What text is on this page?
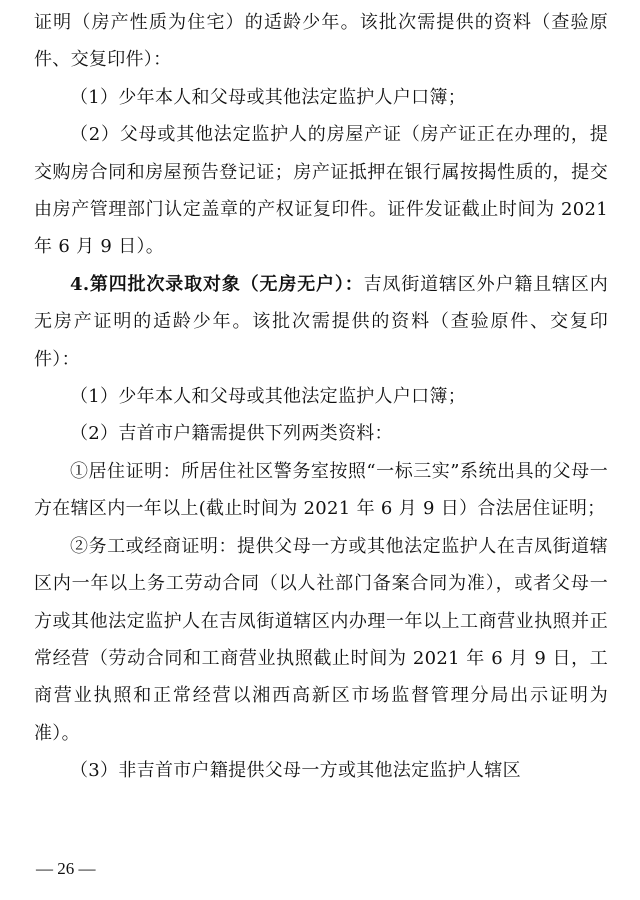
证明（房产性质为住宅）的适龄少年。该批次需提供的资料（查验原件、交复印件）：

（1）少年本人和父母或其他法定监护人户口簿；

（2）父母或其他法定监护人的房屋产证（房产证正在办理的，提交购房合同和房屋预告登记证；房产证抵押在银行属按揭性质的，提交由房产管理部门认定盖章的产权证复印件。证件发证截止时间为 2021 年 6 月 9 日）。

4.第四批次录取对象（无房无户）：吉凤街道辖区外户籍且辖区内无房产证明的适龄少年。该批次需提供的资料（查验原件、交复印件）：

（1）少年本人和父母或其他法定监护人户口簿；

（2）吉首市户籍需提供下列两类资料：

①居住证明：所居住社区警务室按照“一标三实”系统出具的父母一方在辖区内一年以上(截止时间为 2021 年 6 月 9 日）合法居住证明；

②务工或经商证明：提供父母一方或其他法定监护人在吉凤街道辖区内一年以上务工劳动合同（以人社部门备案合同为准），或者父母一方或其他法定监护人在吉凤街道辖区内办理一年以上工商营业执照并正常经营（劳动合同和工商营业执照截止时间为 2021 年 6 月 9 日，工商营业执照和正常经营以湘西高新区市场监督管理分局出示证明为准）。

（3）非吉首市户籍提供父母一方或其他法定监护人辖区

— 26 —
